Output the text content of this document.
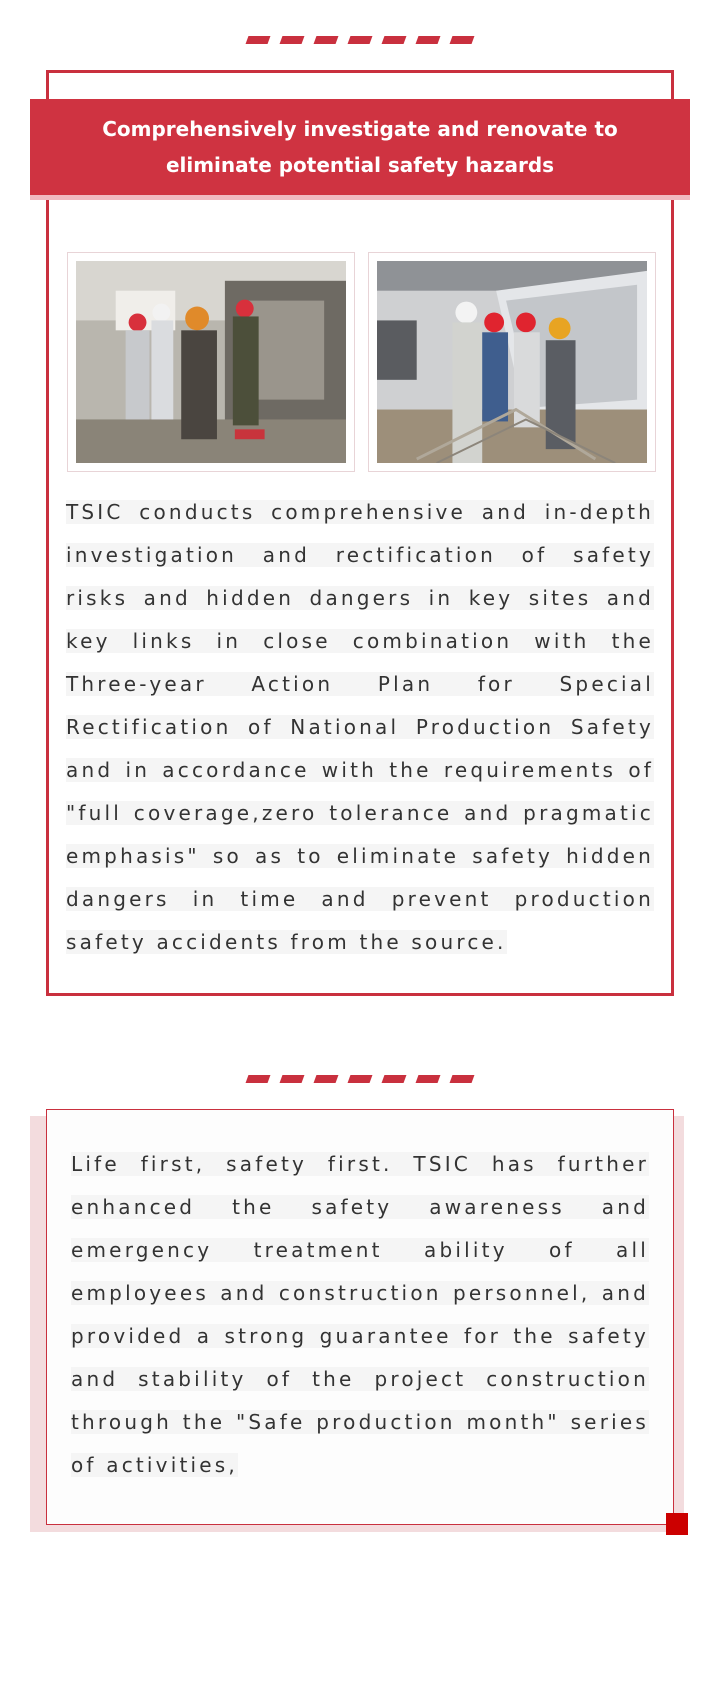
Comprehensively investigate and renovate to eliminate potential safety hazards
TSIC conducts comprehensive and in-depth investigation and rectification of safety risks and hidden dangers in key sites and key links in close combination with the Three-year Action Plan for Special Rectification of National Production Safety and in accordance with the requirements of "full coverage,zero tolerance and pragmatic emphasis" so as to eliminate safety hidden dangers in time and prevent production safety accidents from the source.
Life first, safety first. TSIC has further enhanced the safety awareness and emergency treatment ability of all employees and construction personnel, and provided a strong guarantee for the safety and stability of the project construction through the "Safe production month" series of activities,
